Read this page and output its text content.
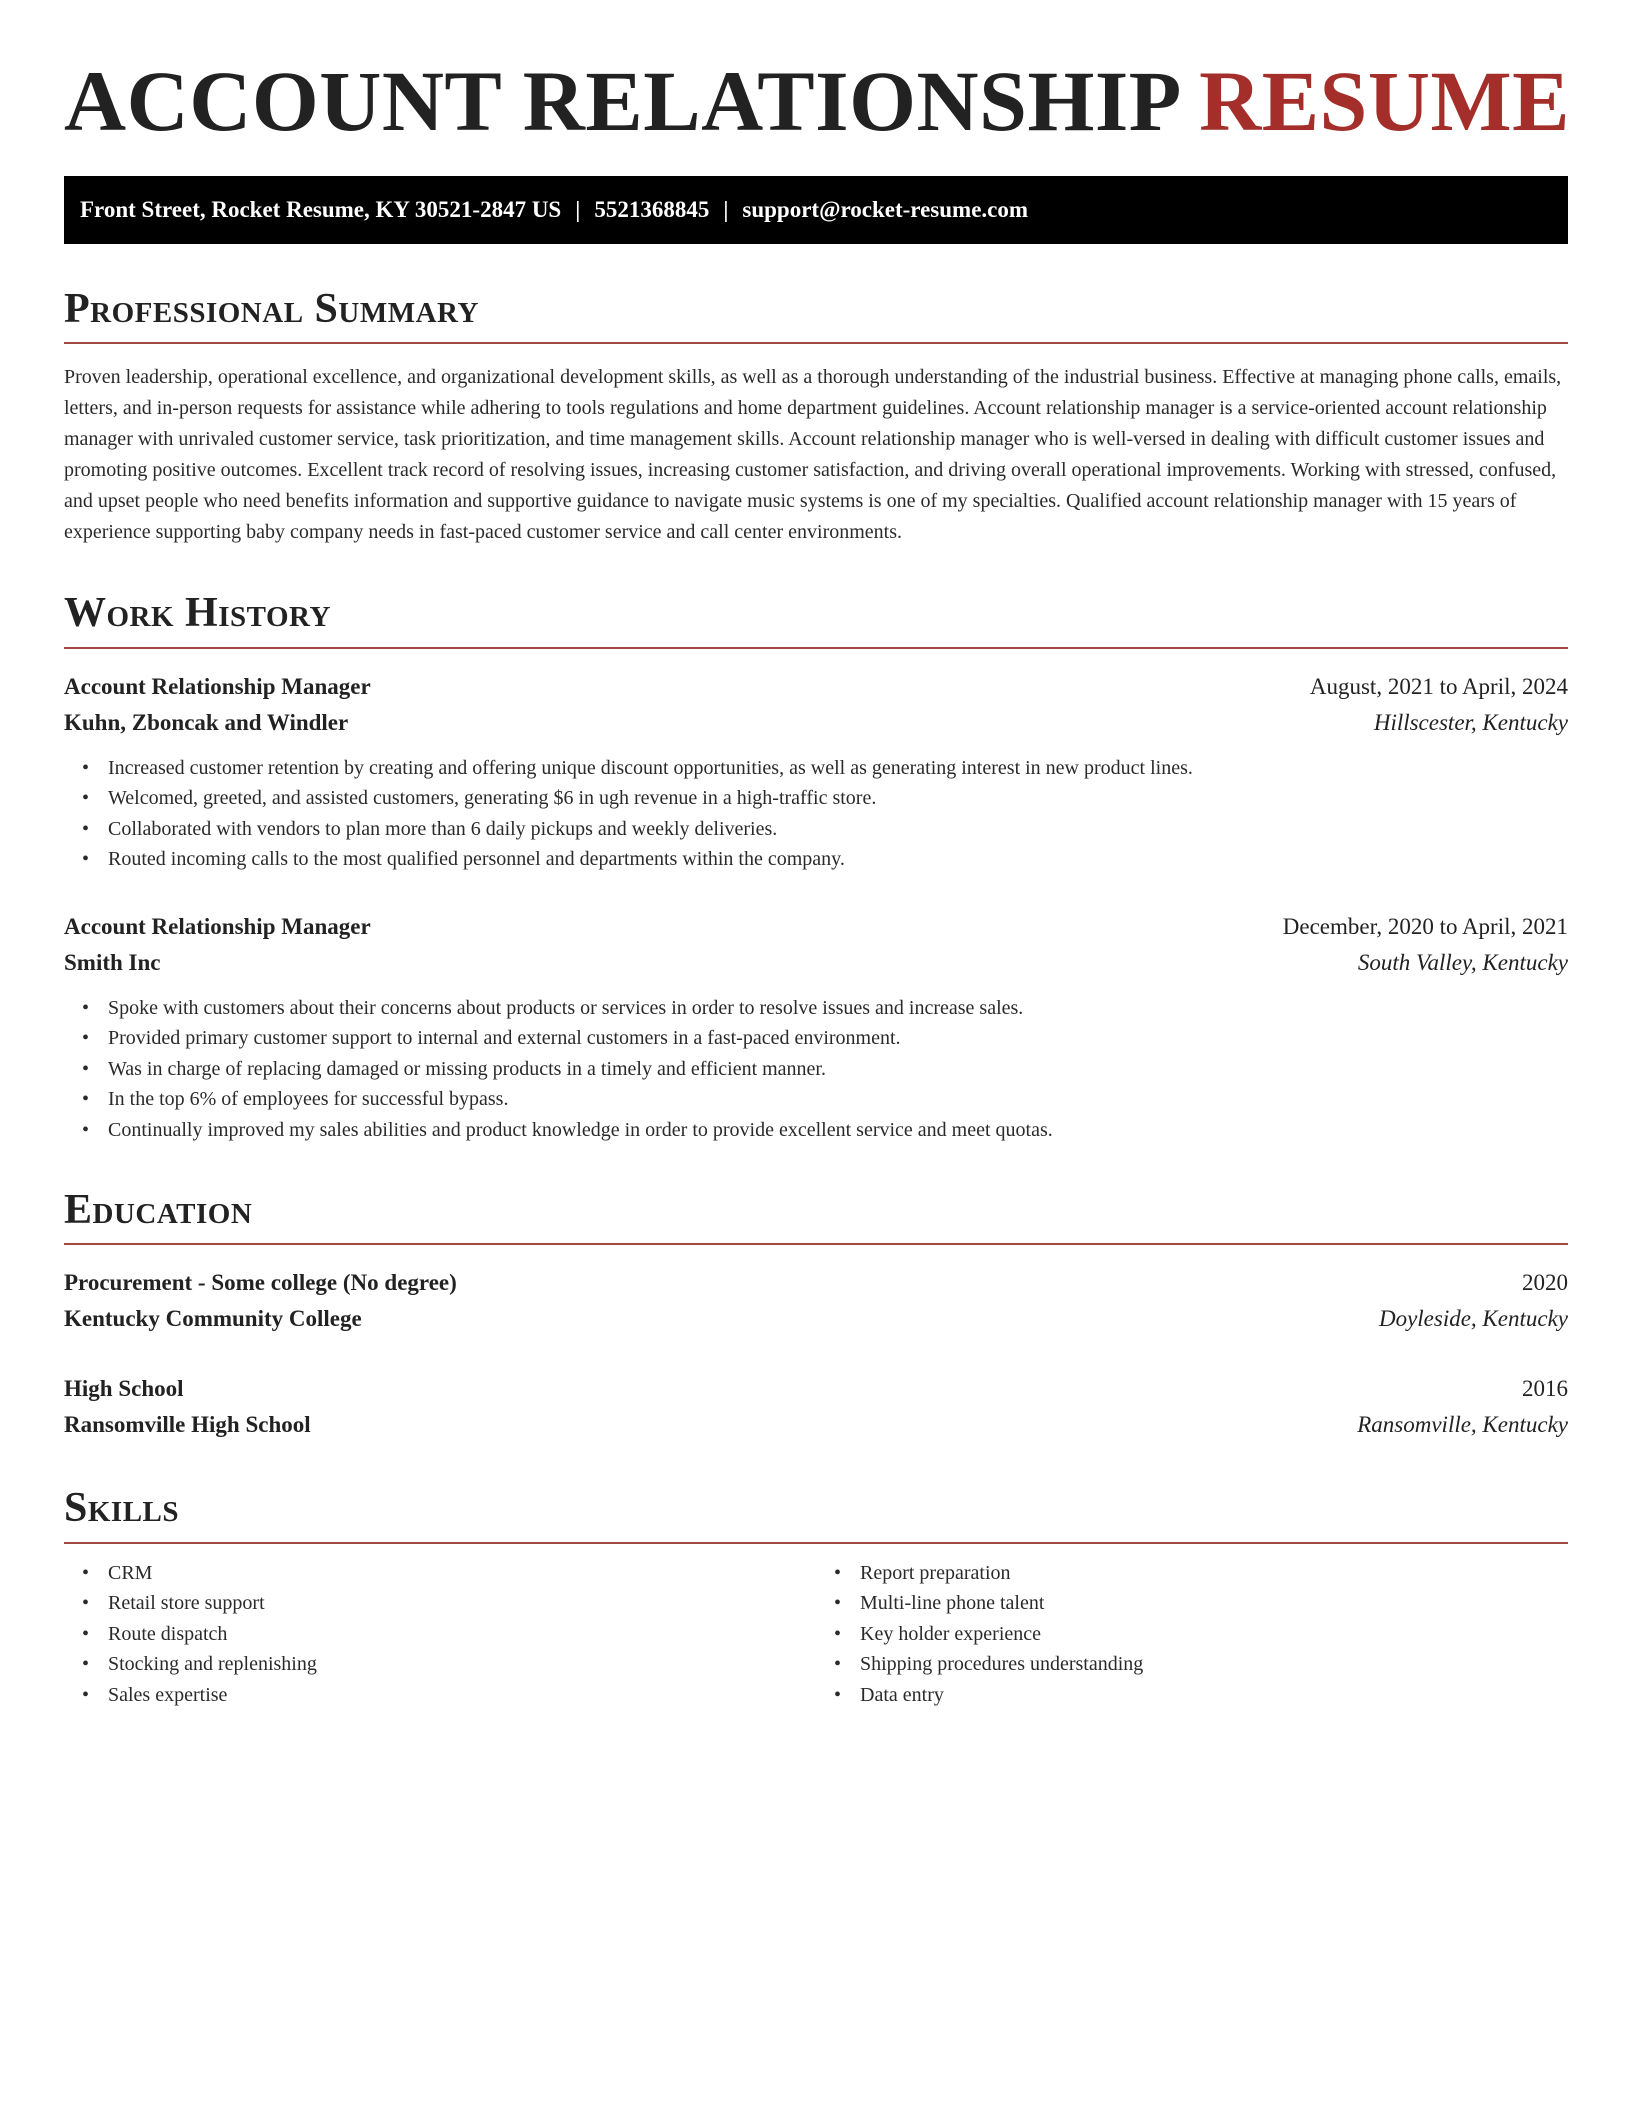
ACCOUNT RELATIONSHIP RESUME
Front Street, Rocket Resume, KY 30521-2847 US | 5521368845 | support@rocket-resume.com
Professional Summary

Proven leadership, operational excellence, and organizational development skills, as well as a thorough understanding of the industrial business. Effective at managing phone calls, emails, letters, and in-person requests for assistance while adhering to tools regulations and home department guidelines. Account relationship manager is a service-oriented account relationship manager with unrivaled customer service, task prioritization, and time management skills. Account relationship manager who is well-versed in dealing with difficult customer issues and promoting positive outcomes. Excellent track record of resolving issues, increasing customer satisfaction, and driving overall operational improvements. Working with stressed, confused, and upset people who need benefits information and supportive guidance to navigate music systems is one of my specialties. Qualified account relationship manager with 15 years of experience supporting baby company needs in fast-paced customer service and call center environments.

Work History
Account Relationship Manager	August, 2021 to April, 2024
Kuhn, Zboncak and Windler	Hillscester, Kentucky
• Increased customer retention by creating and offering unique discount opportunities, as well as generating interest in new product lines.
• Welcomed, greeted, and assisted customers, generating $6 in ugh revenue in a high-traffic store.
• Collaborated with vendors to plan more than 6 daily pickups and weekly deliveries.
• Routed incoming calls to the most qualified personnel and departments within the company.
Account Relationship Manager	December, 2020 to April, 2021
Smith Inc	South Valley, Kentucky
• Spoke with customers about their concerns about products or services in order to resolve issues and increase sales.
• Provided primary customer support to internal and external customers in a fast-paced environment.
• Was in charge of replacing damaged or missing products in a timely and efficient manner.
• In the top 6% of employees for successful bypass.
• Continually improved my sales abilities and product knowledge in order to provide excellent service and meet quotas.
Education
Procurement - Some college (No degree)	2020
Kentucky Community College	Doyleside, Kentucky
High School	2016
Ransomville High School	Ransomville, Kentucky
Skills
• CRM
• Retail store support
• Route dispatch
• Stocking and replenishing
• Sales expertise
• Report preparation
• Multi-line phone talent
• Key holder experience
• Shipping procedures understanding
• Data entry
